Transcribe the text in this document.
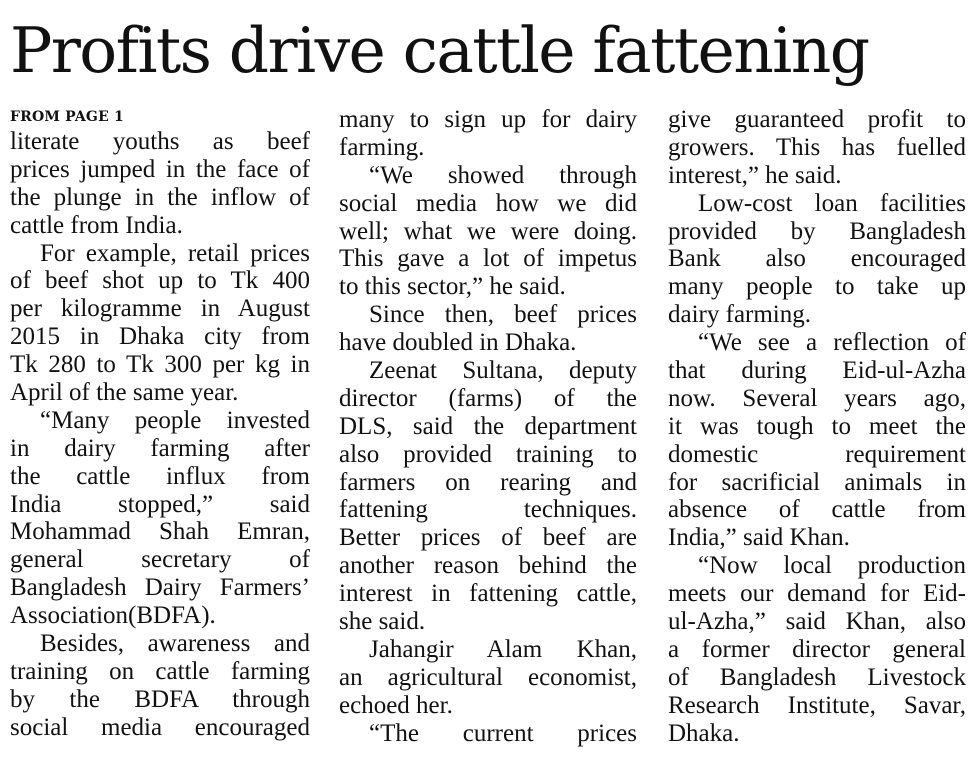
Profits drive cattle fattening
FROM PAGE 1
literate youths as beef
prices jumped in the face of
the plunge in the inflow of
cattle from India.
For example, retail prices
of beef shot up to Tk 400
per kilogramme in August
2015 in Dhaka city from
Tk 280 to Tk 300 per kg in
April of the same year.
“Many people invested
in dairy farming after
the cattle influx from
India stopped,” said
Mohammad Shah Emran,
general secretary of
Bangladesh Dairy Farmers’
Association(BDFA).
Besides, awareness and
training on cattle farming
by the BDFA through
social media encouraged
many to sign up for dairy
farming.
“We showed through
social media how we did
well; what we were doing.
This gave a lot of impetus
to this sector,” he said.
Since then, beef prices
have doubled in Dhaka.
Zeenat Sultana, deputy
director (farms) of the
DLS, said the department
also provided training to
farmers on rearing and
fattening techniques.
Better prices of beef are
another reason behind the
interest in fattening cattle,
she said.
Jahangir Alam Khan,
an agricultural economist,
echoed her.
“The current prices
give guaranteed profit to
growers. This has fuelled
interest,” he said.
Low-cost loan facilities
provided by Bangladesh
Bank also encouraged
many people to take up
dairy farming.
“We see a reflection of
that during Eid-ul-Azha
now. Several years ago,
it was tough to meet the
domestic requirement
for sacrificial animals in
absence of cattle from
India,” said Khan.
“Now local production
meets our demand for Eid-
ul-Azha,” said Khan, also
a former director general
of Bangladesh Livestock
Research Institute, Savar,
Dhaka.
